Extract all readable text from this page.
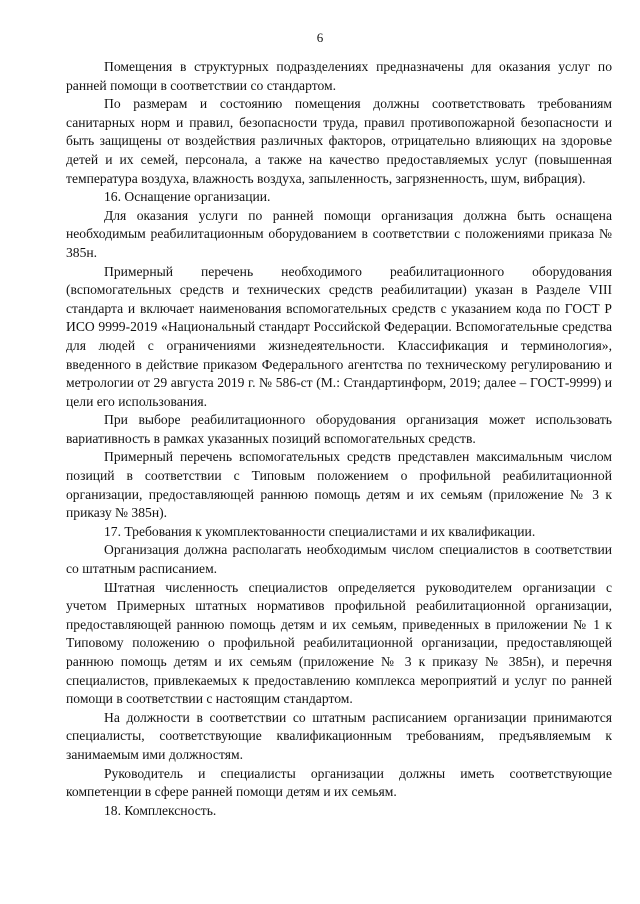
6

Помещения в структурных подразделениях предназначены для оказания услуг по ранней помощи в соответствии со стандартом.

По размерам и состоянию помещения должны соответствовать требованиям санитарных норм и правил, безопасности труда, правил противопожарной безопасности и быть защищены от воздействия различных факторов, отрицательно влияющих на здоровье детей и их семей, персонала, а также на качество предоставляемых услуг (повышенная температура воздуха, влажность воздуха, запыленность, загрязненность, шум, вибрация).

16. Оснащение организации.

Для оказания услуги по ранней помощи организация должна быть оснащена необходимым реабилитационным оборудованием в соответствии с положениями приказа № 385н.

Примерный перечень необходимого реабилитационного оборудования (вспомогательных средств и технических средств реабилитации) указан в Разделе VIII стандарта и включает наименования вспомогательных средств с указанием кода по ГОСТ Р ИСО 9999-2019 «Национальный стандарт Российской Федерации. Вспомогательные средства для людей с ограничениями жизнедеятельности. Классификация и терминология», введенного в действие приказом Федерального агентства по техническому регулированию и метрологии от 29 августа 2019 г. № 586-ст (М.: Стандартинформ, 2019; далее – ГОСТ-9999) и цели его использования.

При выборе реабилитационного оборудования организация может использовать вариативность в рамках указанных позиций вспомогательных средств.

Примерный перечень вспомогательных средств представлен максимальным числом позиций в соответствии с Типовым положением о профильной реабилитационной организации, предоставляющей раннюю помощь детям и их семьям (приложение № 3 к приказу № 385н).

17. Требования к укомплектованности специалистами и их квалификации.

Организация должна располагать необходимым числом специалистов в соответствии со штатным расписанием.

Штатная численность специалистов определяется руководителем организации с учетом Примерных штатных нормативов профильной реабилитационной организации, предоставляющей раннюю помощь детям и их семьям, приведенных в приложении № 1 к Типовому положению о профильной реабилитационной организации, предоставляющей раннюю помощь детям и их семьям (приложение № 3 к приказу № 385н), и перечня специалистов, привлекаемых к предоставлению комплекса мероприятий и услуг по ранней помощи в соответствии с настоящим стандартом.

На должности в соответствии со штатным расписанием организации принимаются специалисты, соответствующие квалификационным требованиям, предъявляемым к занимаемым ими должностям.

Руководитель и специалисты организации должны иметь соответствующие компетенции в сфере ранней помощи детям и их семьям.

18. Комплексность.
